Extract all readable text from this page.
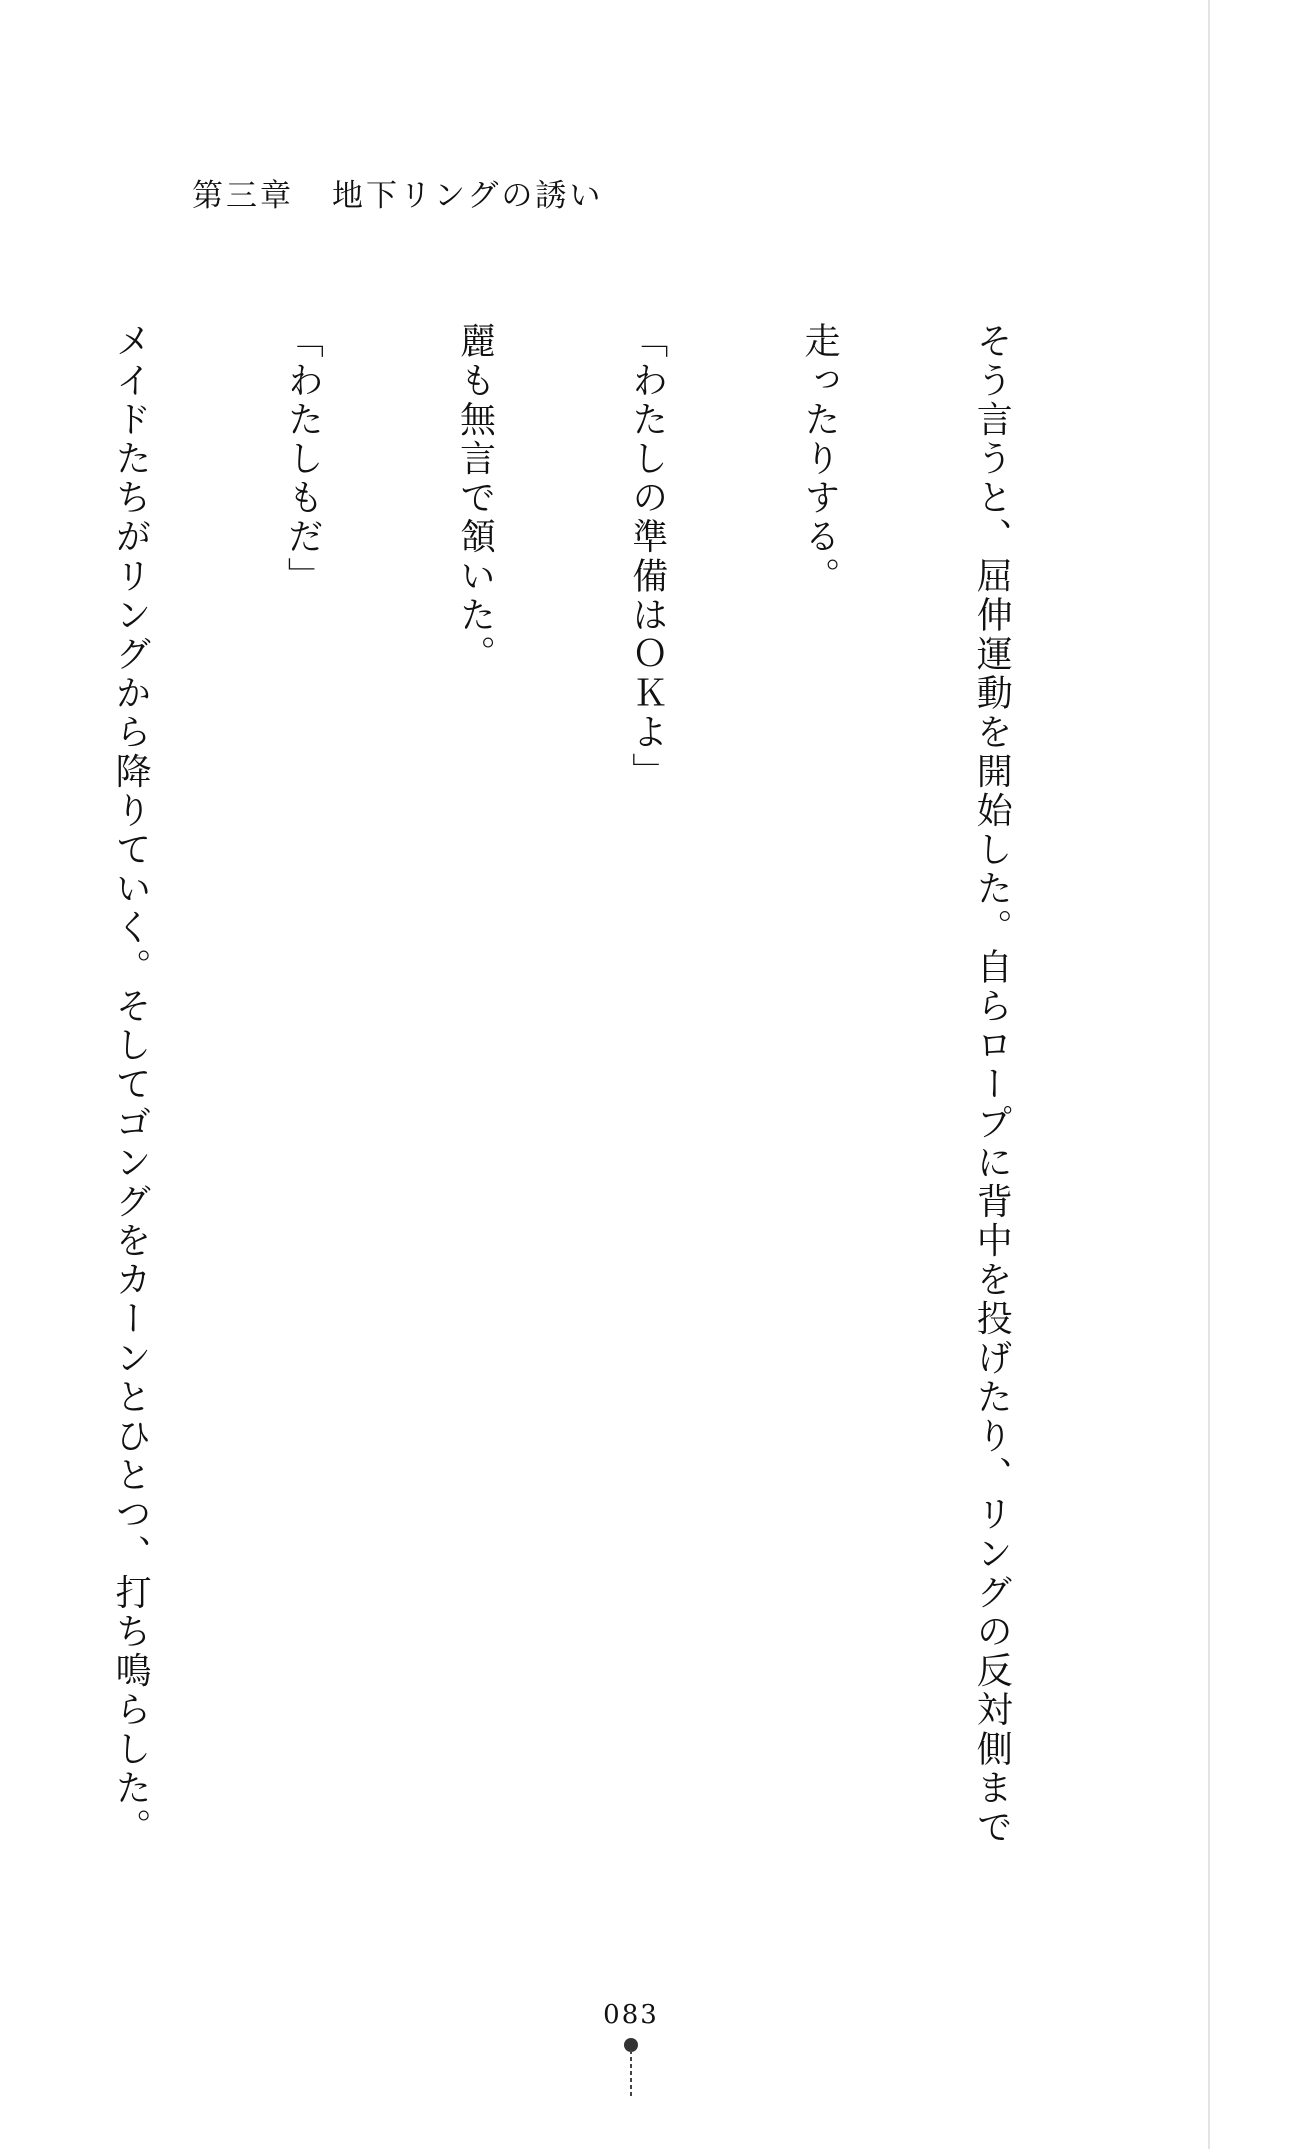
第三章 地下リングの誘い

そう言うと、屈伸運動を開始した。自らロープに背中を投げたり、リングの反対側まで

走ったりする。

「わたしの準備はＯＫよ」

麗も無言で頷いた。

「わたしもだ」

メイドたちがリングから降りていく。そしてゴングをカーンとひとつ、打ち鳴らした。

083
